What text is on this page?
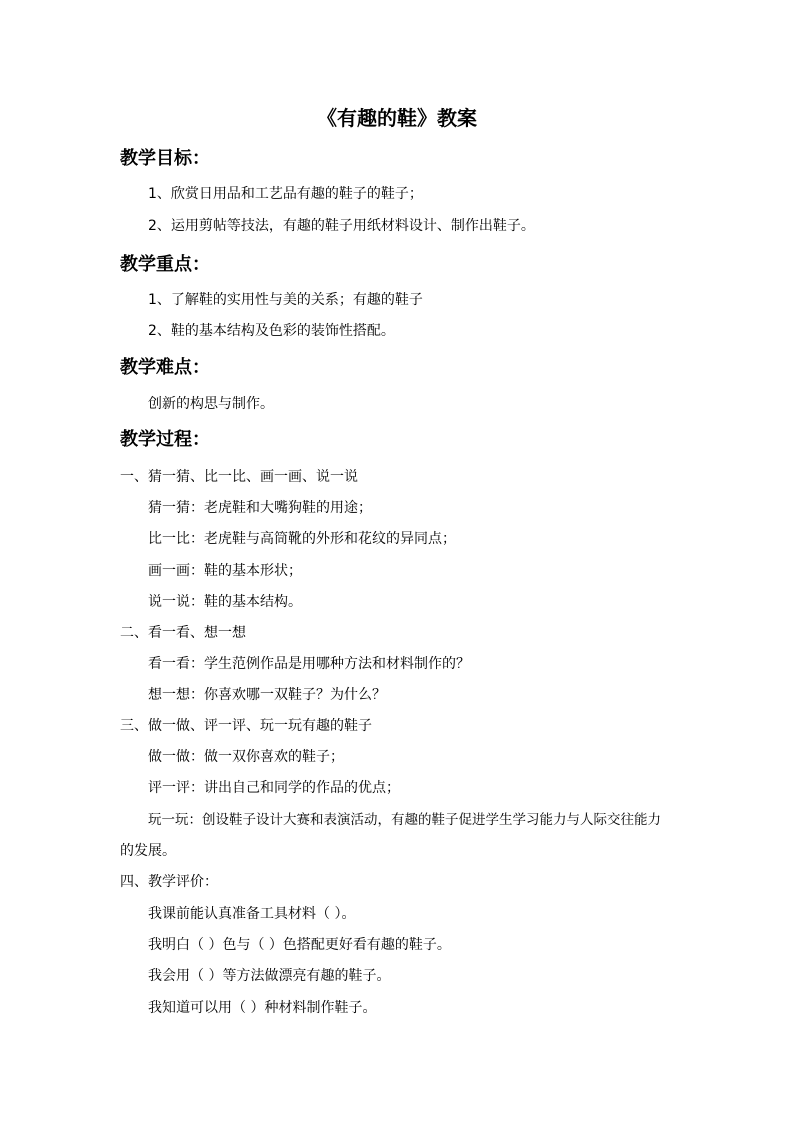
《有趣的鞋》教案
教学目标：
1、欣赏日用品和工艺品有趣的鞋子的鞋子；
2、运用剪帖等技法，有趣的鞋子用纸材料设计、制作出鞋子。
教学重点：
1、了解鞋的实用性与美的关系；有趣的鞋子
2、鞋的基本结构及色彩的装饰性搭配。
教学难点：
创新的构思与制作。
教学过程：
一、猜一猜、比一比、画一画、说一说
猜一猜：老虎鞋和大嘴狗鞋的用途；
比一比：老虎鞋与高筒靴的外形和花纹的异同点；
画一画：鞋的基本形状；
说一说：鞋的基本结构。
二、看一看、想一想
看一看：学生范例作品是用哪种方法和材料制作的？
想一想：你喜欢哪一双鞋子？为什么？
三、做一做、评一评、玩一玩有趣的鞋子
做一做：做一双你喜欢的鞋子；
评一评：讲出自己和同学的作品的优点；
玩一玩：创设鞋子设计大赛和表演活动，有趣的鞋子促进学生学习能力与人际交往能力
的发展。
四、教学评价：
我课前能认真准备工具材料（ ）。
我明白（ ）色与（ ）色搭配更好看有趣的鞋子。
我会用（ ）等方法做漂亮有趣的鞋子。
我知道可以用（ ）种材料制作鞋子。
